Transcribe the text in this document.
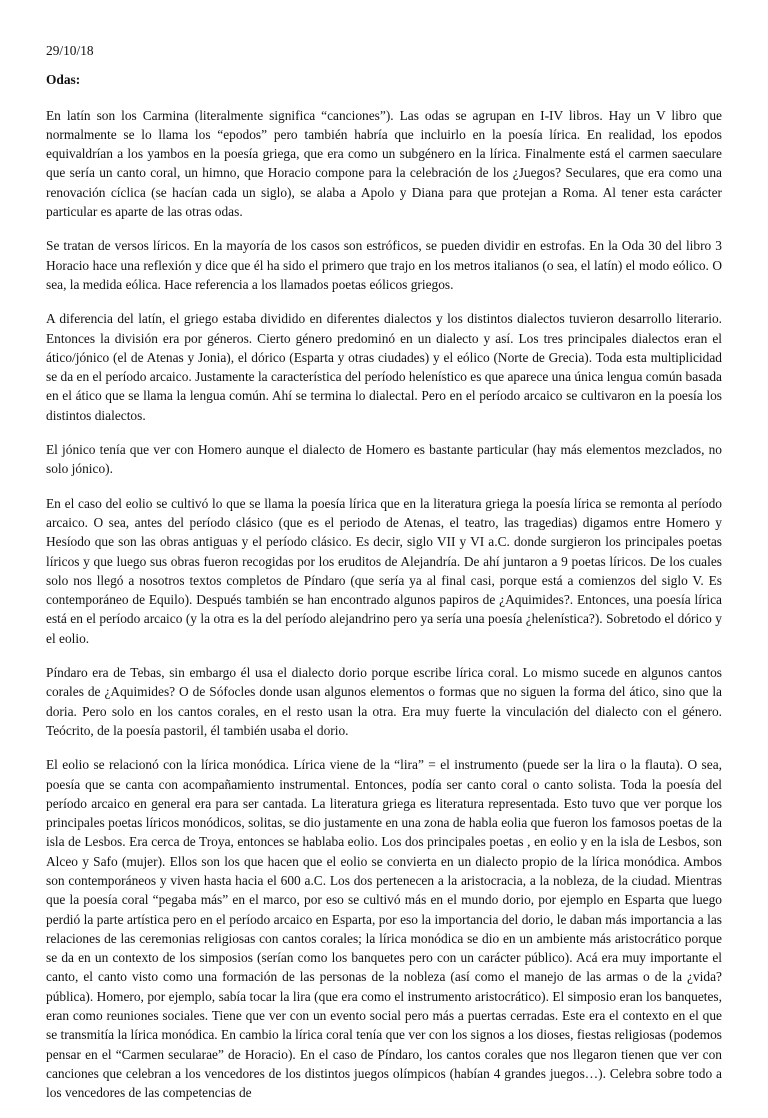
29/10/18

Odas:

En latín son los Carmina (literalmente significa “canciones”). Las odas se agrupan en I-IV libros. Hay un V libro que normalmente se lo llama los “epodos” pero también habría que incluirlo en la poesía lírica. En realidad, los epodos equivaldrían a los yambos en la poesía griega, que era como un subgénero en la lírica. Finalmente está el carmen saeculare que sería un canto coral, un himno, que Horacio compone para la celebración de los ¿Juegos? Seculares, que era como una renovación cíclica (se hacían cada un siglo), se alaba a Apolo y Diana para que protejan a Roma. Al tener esta carácter particular es aparte de las otras odas.

Se tratan de versos líricos. En la mayoría de los casos son estróficos, se pueden dividir en estrofas. En la Oda 30 del libro 3 Horacio hace una reflexión y dice que él ha sido el primero que trajo en los metros italianos (o sea, el latín) el modo eólico. O sea, la medida eólica. Hace referencia a los llamados poetas eólicos griegos.

A diferencia del latín, el griego estaba dividido en diferentes dialectos y los distintos dialectos tuvieron desarrollo literario. Entonces la división era por géneros. Cierto género predominó en un dialecto y así. Los tres principales dialectos eran el ático/jónico (el de Atenas y Jonia), el dórico (Esparta y otras ciudades) y el eólico (Norte de Grecia). Toda esta multiplicidad se da en el período arcaico. Justamente la característica del período helenístico es que aparece una única lengua común basada en el ático que se llama la lengua común. Ahí se termina lo dialectal. Pero en el período arcaico se cultivaron en la poesía los distintos dialectos.

El jónico tenía que ver con Homero aunque el dialecto de Homero es bastante particular (hay más elementos mezclados, no solo jónico).

En el caso del eolio se cultivó lo que se llama la poesía lírica que en la literatura griega la poesía lírica se remonta al período arcaico. O sea, antes del período clásico (que es el periodo de Atenas, el teatro, las tragedias) digamos entre Homero y Hesíodo que son las obras antiguas y el período clásico. Es decir, siglo VII y VI a.C. donde surgieron los principales poetas líricos y que luego sus obras fueron recogidas por los eruditos de Alejandría. De ahí juntaron a 9 poetas líricos. De los cuales solo nos llegó a nosotros textos completos de Píndaro (que sería ya al final casi, porque está a comienzos del siglo V. Es contemporáneo de Equilo). Después también se han encontrado algunos papiros de ¿Aquimides?. Entonces, una poesía lírica está en el período arcaico (y la otra es la del período alejandrino pero ya sería una poesía ¿helenística?). Sobretodo el dórico y el eolio.

Píndaro era de Tebas, sin embargo él usa el dialecto dorio porque escribe lírica coral. Lo mismo sucede en algunos cantos corales de ¿Aquimides? O de Sófocles donde usan algunos elementos o formas que no siguen la forma del ático, sino que la doria. Pero solo en los cantos corales, en el resto usan la otra. Era muy fuerte la vinculación del dialecto con el género. Teócrito, de la poesía pastoril, él también usaba el dorio.

El eolio se relacionó con la lírica monódica. Lírica viene de la “lira” = el instrumento (puede ser la lira o la flauta). O sea, poesía que se canta con acompañamiento instrumental. Entonces, podía ser canto coral o canto solista. Toda la poesía del período arcaico en general era para ser cantada. La literatura griega es literatura representada. Esto tuvo que ver porque los principales poetas líricos monódicos, solitas, se dio justamente en una zona de habla eolia que fueron los famosos poetas de la isla de Lesbos. Era cerca de Troya, entonces se hablaba eolio. Los dos principales poetas , en eolio y en la isla de Lesbos, son Alceo y Safo (mujer). Ellos son los que hacen que el eolio se convierta en un dialecto propio de la lírica monódica. Ambos son contemporáneos y viven hasta hacia el 600 a.C. Los dos pertenecen a la aristocracia, a la nobleza, de la ciudad. Mientras que la poesía coral “pegaba más” en el marco, por eso se cultivó más en el mundo dorio, por ejemplo en Esparta que luego perdió la parte artística pero en el período arcaico en Esparta, por eso la importancia del dorio, le daban más importancia a las relaciones de las ceremonias religiosas con cantos corales; la lírica monódica se dio en un ambiente más aristocrático porque se da en un contexto de los simposios (serían como los banquetes pero con un carácter público). Acá era muy importante el canto, el canto visto como una formación de las personas de la nobleza (así como el manejo de las armas o de la ¿vida? pública). Homero, por ejemplo, sabía tocar la lira (que era como el instrumento aristocrático). El simposio eran los banquetes, eran como reuniones sociales. Tiene que ver con un evento social pero más a puertas cerradas. Este era el contexto en el que se transmitía la lírica monódica. En cambio la lírica coral tenía que ver con los signos a los dioses, fiestas religiosas (podemos pensar en el “Carmen secularae” de Horacio). En el caso de Píndaro, los cantos corales que nos llegaron tienen que ver con canciones que celebran a los vencedores de los distintos juegos olímpicos (habían 4 grandes juegos…). Celebra sobre todo a los vencedores de las competencias de
